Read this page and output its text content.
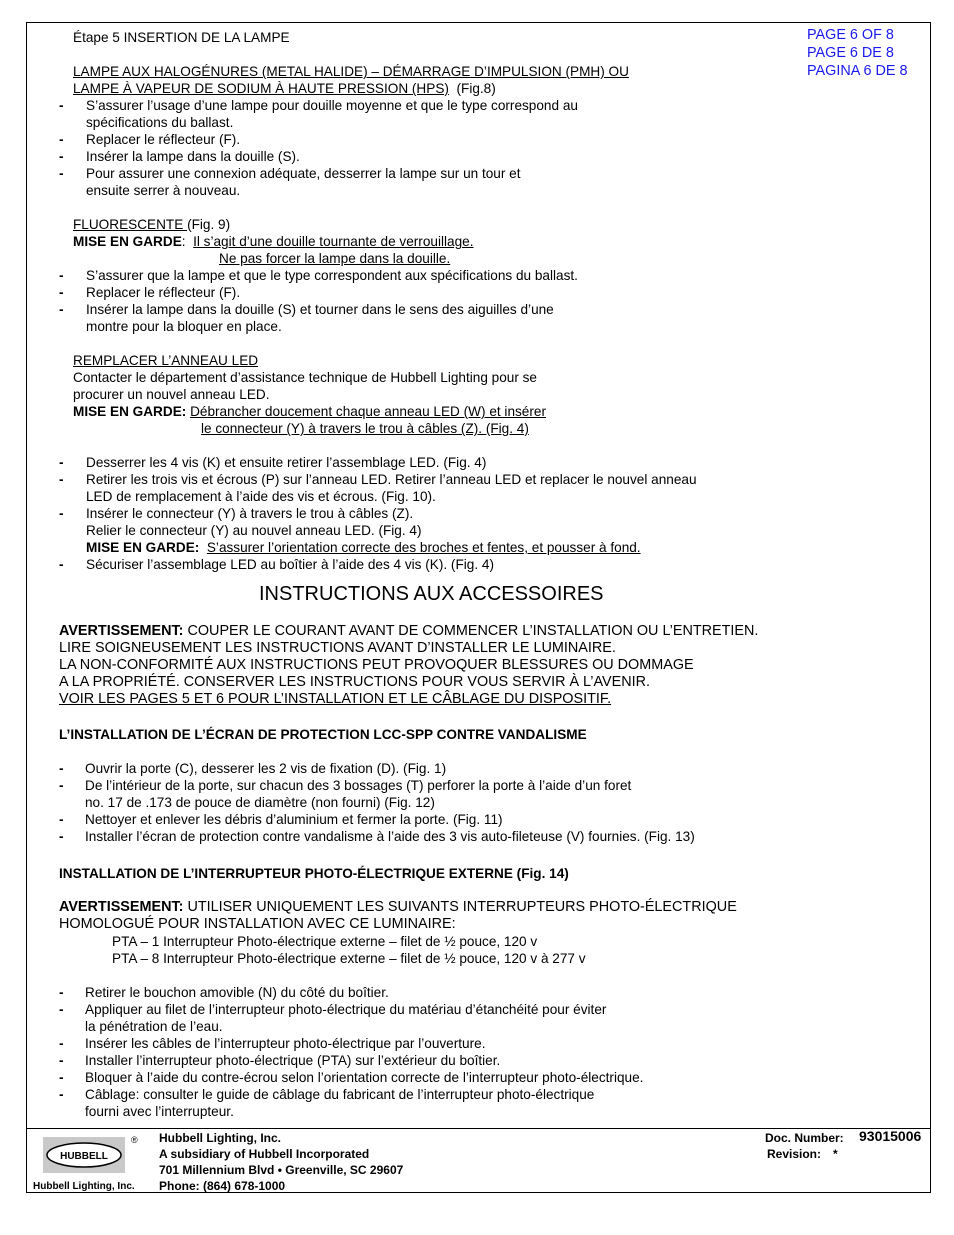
PAGE 6 OF 8
PAGE 6 DE 8
PAGINA 6 DE 8
Étape 5 INSERTION DE LA LAMPE
LAMPE AUX HALOGÉNURES (METAL HALIDE) – DÉMARRAGE D’IMPULSION (PMH) OU
LAMPE À VAPEUR DE SODIUM À HAUTE PRESSION (HPS) (Fig.8)
- S’assurer l’usage d’une lampe pour douille moyenne et que le type correspond au
spécifications du ballast.
- Replacer le réflecteur (F).
- Insérer la lampe dans la douille (S).
- Pour assurer une connexion adéquate, desserrer la lampe sur un tour et
ensuite serrer à nouveau.
FLUORESCENTE (Fig. 9)
MISE EN GARDE: Il s’agit d’une douille tournante de verrouillage.
Ne pas forcer la lampe dans la douille.
- S’assurer que la lampe et que le type correspondent aux spécifications du ballast.
- Replacer le réflecteur (F).
- Insérer la lampe dans la douille (S) et tourner dans le sens des aiguilles d’une
montre pour la bloquer en place.
REMPLACER L’ANNEAU LED
Contacter le département d’assistance technique de Hubbell Lighting pour se
procurer un nouvel anneau LED.
MISE EN GARDE: Débrancher doucement chaque anneau LED (W) et insérer
le connecteur (Y) à travers le trou à câbles (Z). (Fig. 4)
- Desserrer les 4 vis (K) et ensuite retirer l’assemblage LED. (Fig. 4)
- Retirer les trois vis et écrous (P) sur l’anneau LED. Retirer l’anneau LED et replacer le nouvel anneau
LED de remplacement à l’aide des vis et écrous. (Fig. 10).
- Insérer le connecteur (Y) à travers le trou à câbles (Z).
Relier le connecteur (Y) au nouvel anneau LED. (Fig. 4)
- Sécuriser l’assemblage LED au boîtier à l’aide des 4 vis (K). (Fig. 4)
MISE EN GARDE: S’assurer l’orientation correcte des broches et fentes, et pousser à fond.
INSTRUCTIONS AUX ACCESSOIRES
AVERTISSEMENT: COUPER LE COURANT AVANT DE COMMENCER L’INSTALLATION OU L’ENTRETIEN.
LIRE SOIGNEUSEMENT LES INSTRUCTIONS AVANT D’INSTALLER LE LUMINAIRE.
LA NON-CONFORMITÉ AUX INSTRUCTIONS PEUT PROVOQUER BLESSURES OU DOMMAGE
A LA PROPRIÉTÉ. CONSERVER LES INSTRUCTIONS POUR VOUS SERVIR À L’AVENIR.
VOIR LES PAGES 5 ET 6 POUR L’INSTALLATION ET LE CÂBLAGE DU DISPOSITIF.
L’INSTALLATION DE L’ÉCRAN DE PROTECTION LCC-SPP CONTRE VANDALISME
- Ouvrir la porte (C), desserer les 2 vis de fixation (D). (Fig. 1)
- De l’intérieur de la porte, sur chacun des 3 bossages (T) perforer la porte à l’aide d’un foret
no. 17 de .173 de pouce de diamètre (non fourni) (Fig. 12)
- Nettoyer et enlever les débris d’aluminium et fermer la porte. (Fig. 11)
- Installer l’écran de protection contre vandalisme à l’aide des 3 vis auto-fileteuse (V) fournies. (Fig. 13)
INSTALLATION DE L’INTERRUPTEUR PHOTO-ÉLECTRIQUE EXTERNE (Fig. 14)
AVERTISSEMENT: UTILISER UNIQUEMENT LES SUIVANTS INTERRUPTEURS PHOTO-ÉLECTRIQUE
HOMOLOGUÉ POUR INSTALLATION AVEC CE LUMINAIRE:
PTA – 1 Interrupteur Photo-électrique externe – filet de ½ pouce, 120 v
PTA – 8 Interrupteur Photo-électrique externe – filet de ½ pouce, 120 v à 277 v
- Retirer le bouchon amovible (N) du côté du boîtier.
- Appliquer au filet de l’interrupteur photo-électrique du matériau d’étanchéité pour éviter
la pénétration de l’eau.
- Insérer les câbles de l’interrupteur photo-électrique par l’ouverture.
- Installer l’interrupteur photo-électrique (PTA) sur l’extérieur du boîtier.
- Bloquer à l’aide du contre-écrou selon l’orientation correcte de l’interrupteur photo-électrique.
- Câblage: consulter le guide de câblage du fabricant de l’interrupteur photo-électrique
fourni avec l’interrupteur.
HUBBELL
®
Hubbell Lighting, Inc.
Hubbell Lighting, Inc.
A subsidiary of Hubbell Incorporated
701 Millennium Blvd • Greenville, SC 29607
Phone: (864) 678-1000
Doc. Number: 93015006
Revision: *
